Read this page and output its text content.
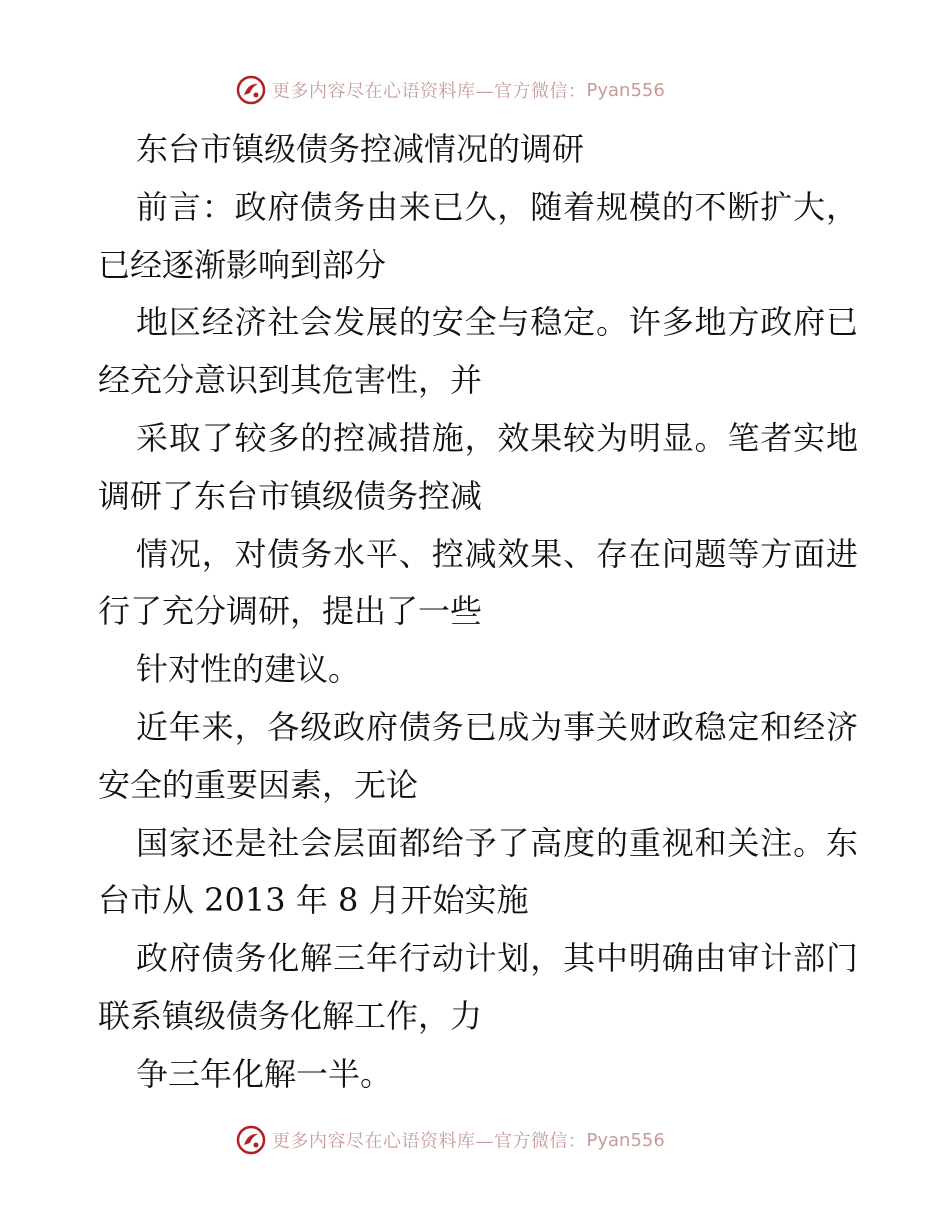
更多内容尽在心语资料库—官方微信： Pyan556

东台市镇级债务控减情况的调研

前言：政府债务由来已久，随着规模的不断扩大，已经逐渐影响到部分

地区经济社会发展的安全与稳定。许多地方政府已经充分意识到其危害性，并

采取了较多的控减措施，效果较为明显。笔者实地调研了东台市镇级债务控减

情况，对债务水平、控减效果、存在问题等方面进行了充分调研，提出了一些

针对性的建议。

近年来，各级政府债务已成为事关财政稳定和经济安全的重要因素，无论

国家还是社会层面都给予了高度的重视和关注。东台市从 2013 年 8 月开始实施

政府债务化解三年行动计划，其中明确由审计部门联系镇级债务化解工作，力

争三年化解一半。

更多内容尽在心语资料库—官方微信： Pyan556
